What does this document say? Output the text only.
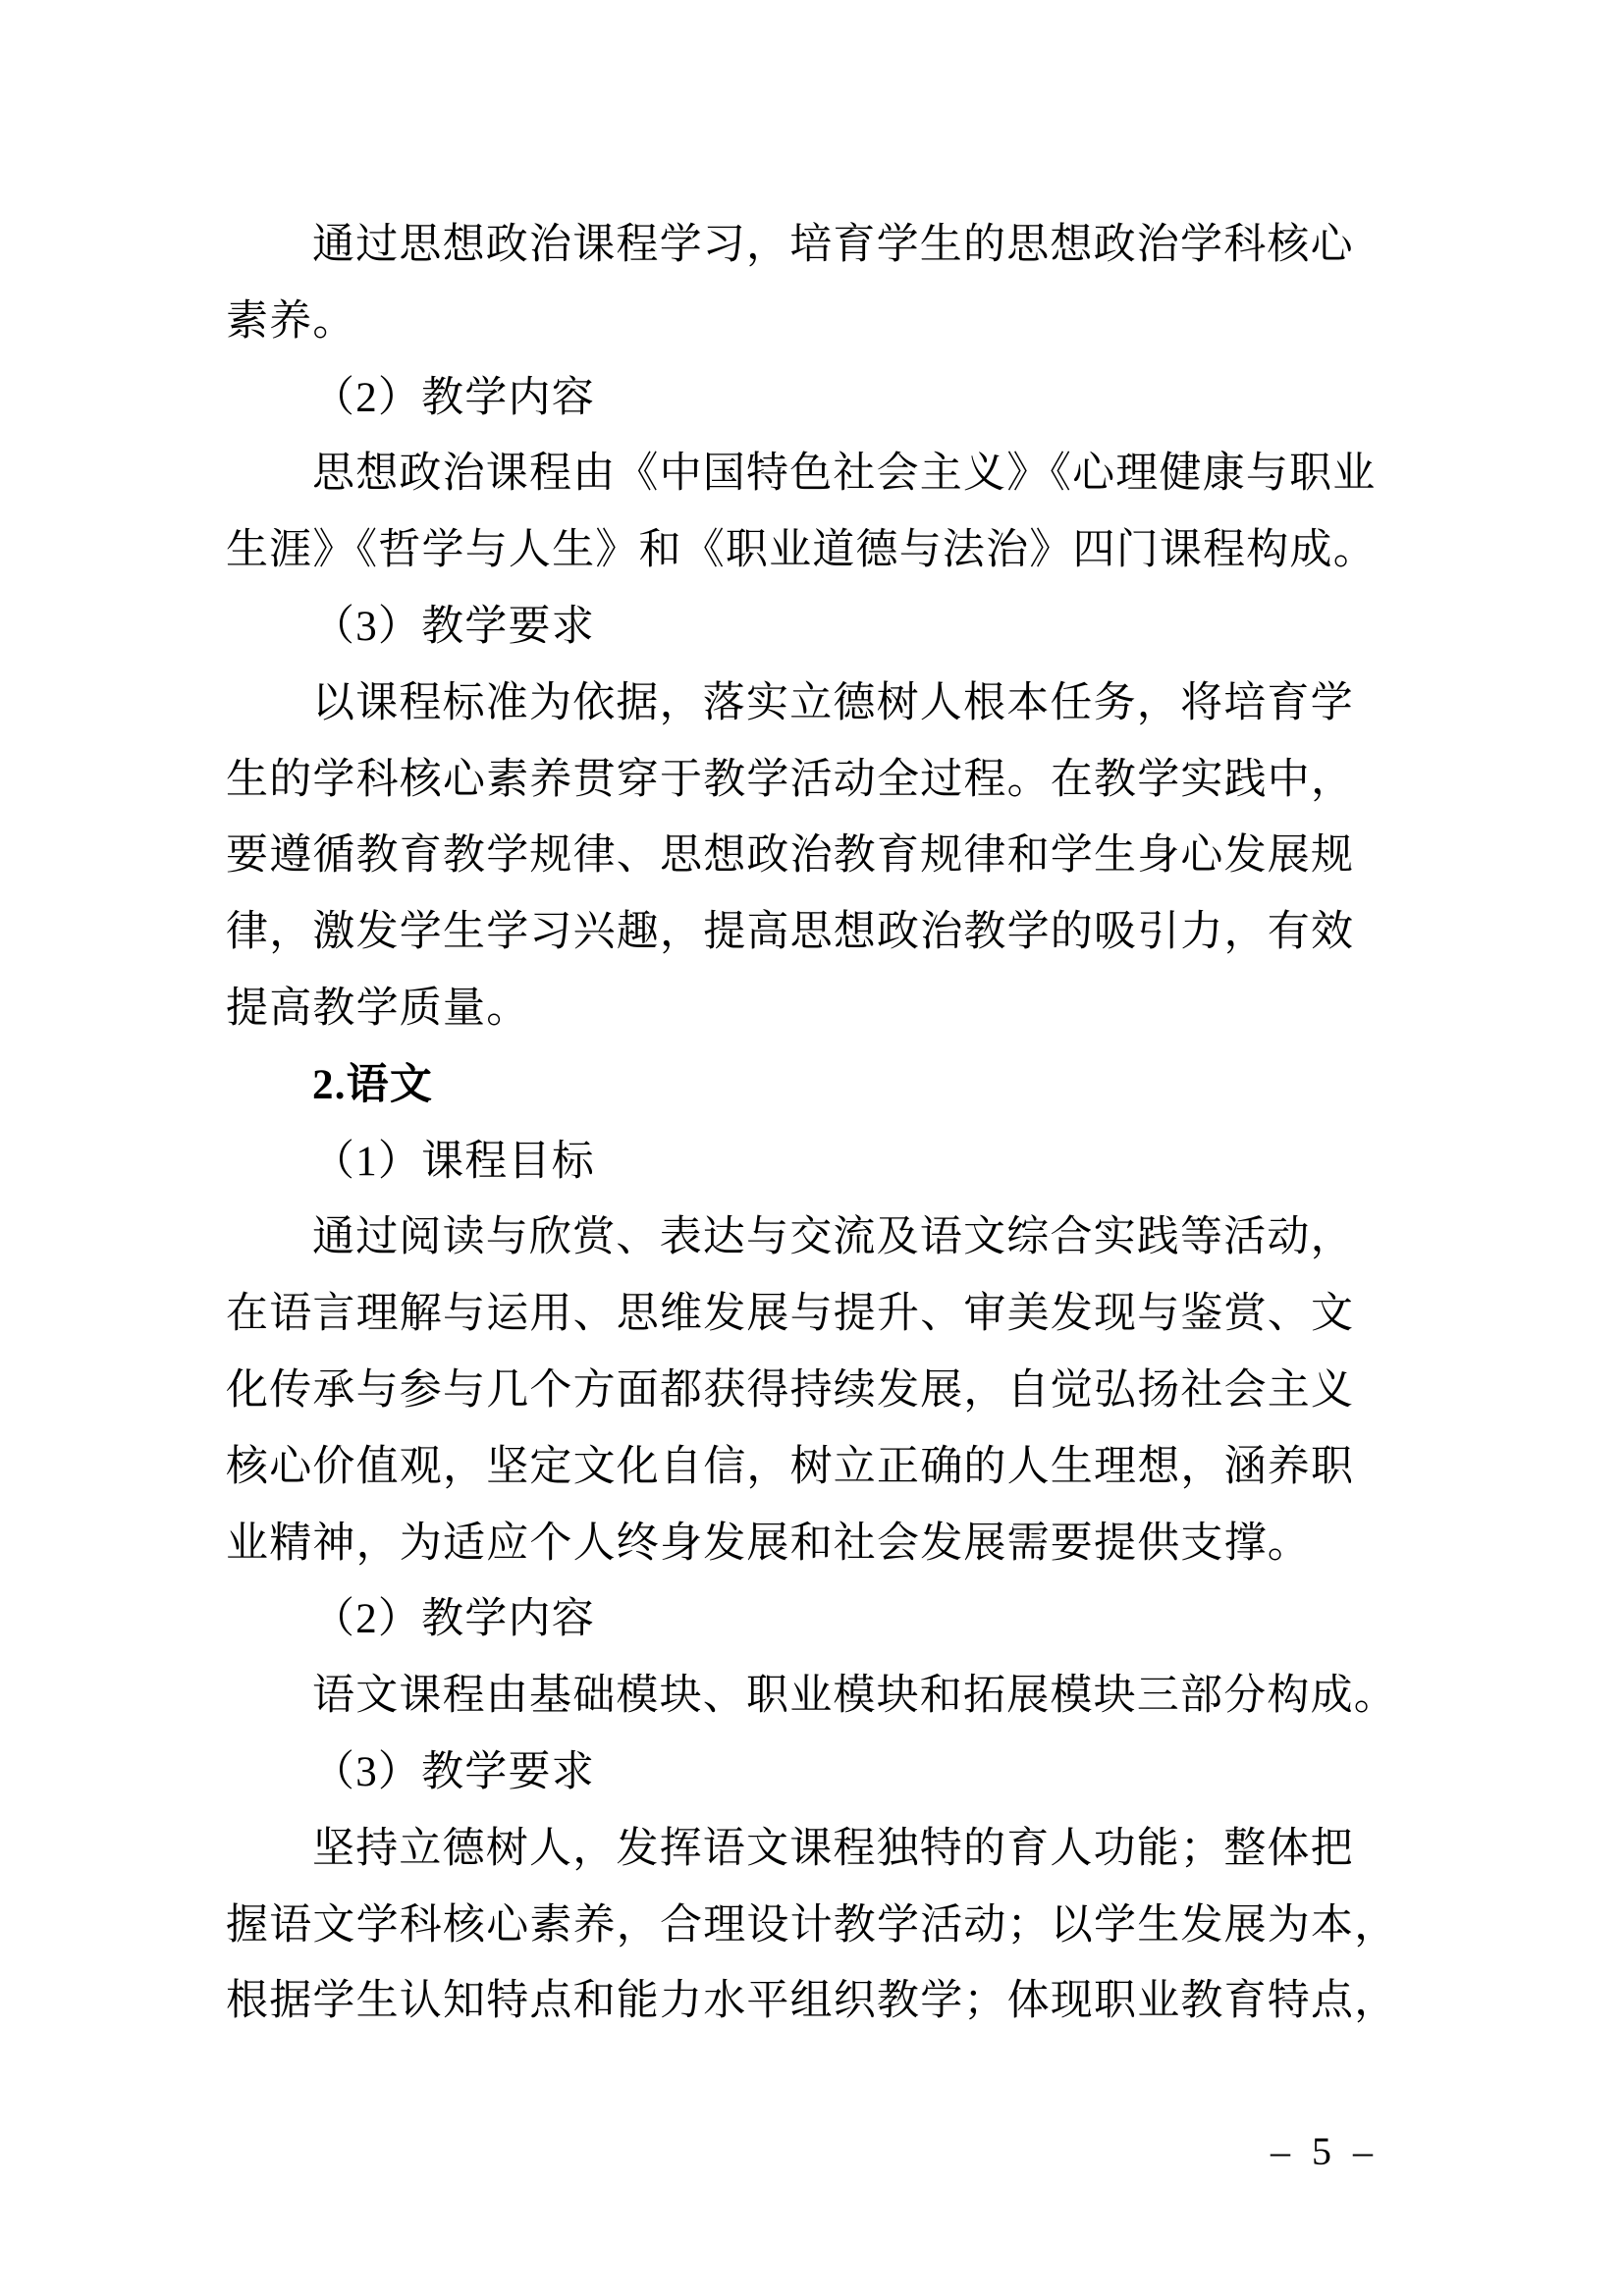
通过思想政治课程学习，培育学生的思想政治学科核心
素养。
（2）教学内容
思想政治课程由《中国特色社会主义》《心理健康与职业
生涯》《哲学与人生》和《职业道德与法治》四门课程构成。
（3）教学要求
以课程标准为依据，落实立德树人根本任务，将培育学
生的学科核心素养贯穿于教学活动全过程。在教学实践中，
要遵循教育教学规律、思想政治教育规律和学生身心发展规
律，激发学生学习兴趣，提高思想政治教学的吸引力，有效
提高教学质量。
2.语文
（1）课程目标
通过阅读与欣赏、表达与交流及语文综合实践等活动，
在语言理解与运用、思维发展与提升、审美发现与鉴赏、文
化传承与参与几个方面都获得持续发展，自觉弘扬社会主义
核心价值观，坚定文化自信，树立正确的人生理想，涵养职
业精神，为适应个人终身发展和社会发展需要提供支撑。
（2）教学内容
语文课程由基础模块、职业模块和拓展模块三部分构成。
（3）教学要求
坚持立德树人，发挥语文课程独特的育人功能；整体把
握语文学科核心素养，合理设计教学活动；以学生发展为本，
根据学生认知特点和能力水平组织教学；体现职业教育特点，
– 5 –
